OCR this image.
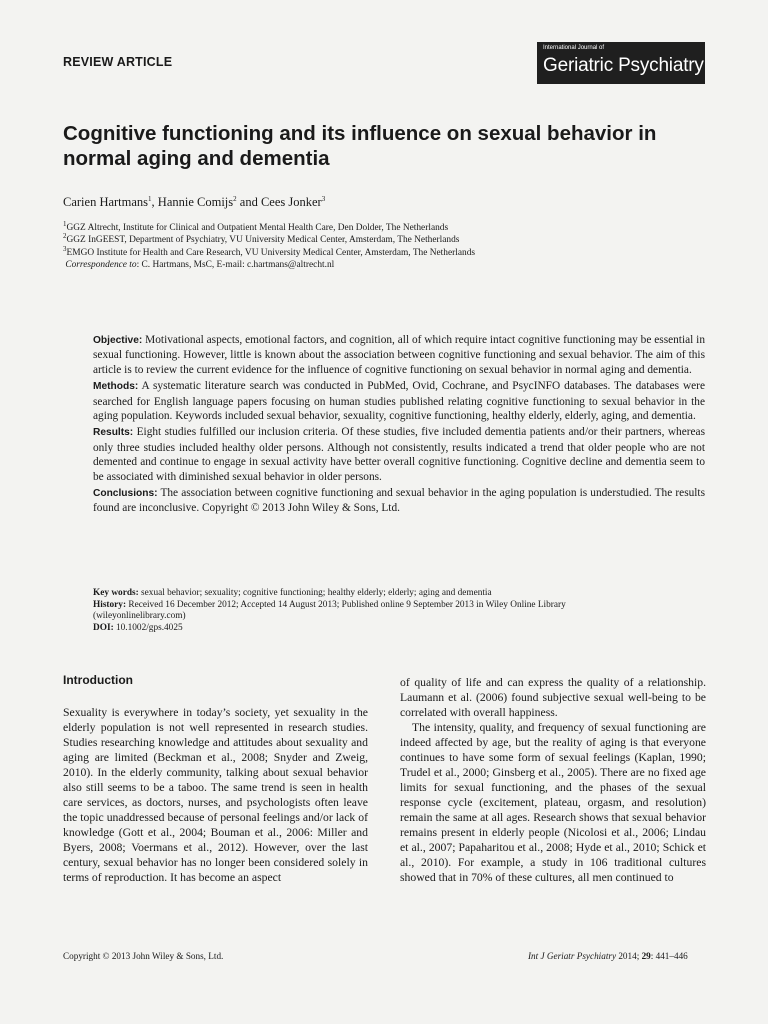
REVIEW ARTICLE
International Journal of
Geriatric Psychiatry
Cognitive functioning and its influence on sexual behavior in normal aging and dementia
Carien Hartmans$^1$, Hannie Comijs$^2$ and Cees Jonker$^3$
$^1$GGZ Altrecht, Institute for Clinical and Outpatient Mental Health Care, Den Dolder, The Netherlands
$^2$GGZ InGEEST, Department of Psychiatry, VU University Medical Center, Amsterdam, The Netherlands
$^3$EMGO Institute for Health and Care Research, VU University Medical Center, Amsterdam, The Netherlands
Correspondence to: C. Hartmans, MsC, E-mail: c.hartmans@altrecht.nl
Objective: Motivational aspects, emotional factors, and cognition, all of which require intact cognitive functioning may be essential in sexual functioning. However, little is known about the association between cognitive functioning and sexual behavior. The aim of this article is to review the current evidence for the influence of cognitive functioning on sexual behavior in normal aging and dementia.
Methods: A systematic literature search was conducted in PubMed, Ovid, Cochrane, and PsycINFO databases. The databases were searched for English language papers focusing on human studies published relating cognitive functioning to sexual behavior in the aging population. Keywords included sexual behavior, sexuality, cognitive functioning, healthy elderly, elderly, aging, and dementia.
Results: Eight studies fulfilled our inclusion criteria. Of these studies, five included dementia patients and/or their partners, whereas only three studies included healthy older persons. Although not consistently, results indicated a trend that older people who are not demented and continue to engage in sexual activity have better overall cognitive functioning. Cognitive decline and dementia seem to be associated with diminished sexual behavior in older persons.
Conclusions: The association between cognitive functioning and sexual behavior in the aging population is understudied. The results found are inconclusive. Copyright © 2013 John Wiley & Sons, Ltd.
Key words: sexual behavior; sexuality; cognitive functioning; healthy elderly; elderly; aging and dementia
History: Received 16 December 2012; Accepted 14 August 2013; Published online 9 September 2013 in Wiley Online Library
(wileyonlinelibrary.com)
DOI: 10.1002/gps.4025
Introduction

Sexuality is everywhere in today’s society, yet sexuality in the elderly population is not well represented in research studies. Studies researching knowledge and attitudes about sexuality and aging are limited (Beckman et al., 2008; Snyder and Zweig, 2010). In the elderly community, talking about sexual behavior also still seems to be a taboo. The same trend is seen in health care services, as doctors, nurses, and psychologists often leave the topic unaddressed because of personal feelings and/or lack of knowledge (Gott et al., 2004; Bouman et al., 2006: Miller and Byers, 2008; Voermans et al., 2012). However, over the last century, sexual behavior has no longer been considered solely in terms of reproduction. It has become an aspect

of quality of life and can express the quality of a relationship. Laumann et al. (2006) found subjective sexual well-being to be correlated with overall happiness.

The intensity, quality, and frequency of sexual functioning are indeed affected by age, but the reality of aging is that everyone continues to have some form of sexual feelings (Kaplan, 1990; Trudel et al., 2000; Ginsberg et al., 2005). There are no fixed age limits for sexual functioning, and the phases of the sexual response cycle (excitement, plateau, orgasm, and resolution) remain the same at all ages. Research shows that sexual behavior remains present in elderly people (Nicolosi et al., 2006; Lindau et al., 2007; Papaharitou et al., 2008; Hyde et al., 2010; Schick et al., 2010). For example, a study in 106 traditional cultures showed that in 70% of these cultures, all men continued to

Copyright © 2013 John Wiley & Sons, Ltd.	Int J Geriatr Psychiatry 2014; 29: 441–446
